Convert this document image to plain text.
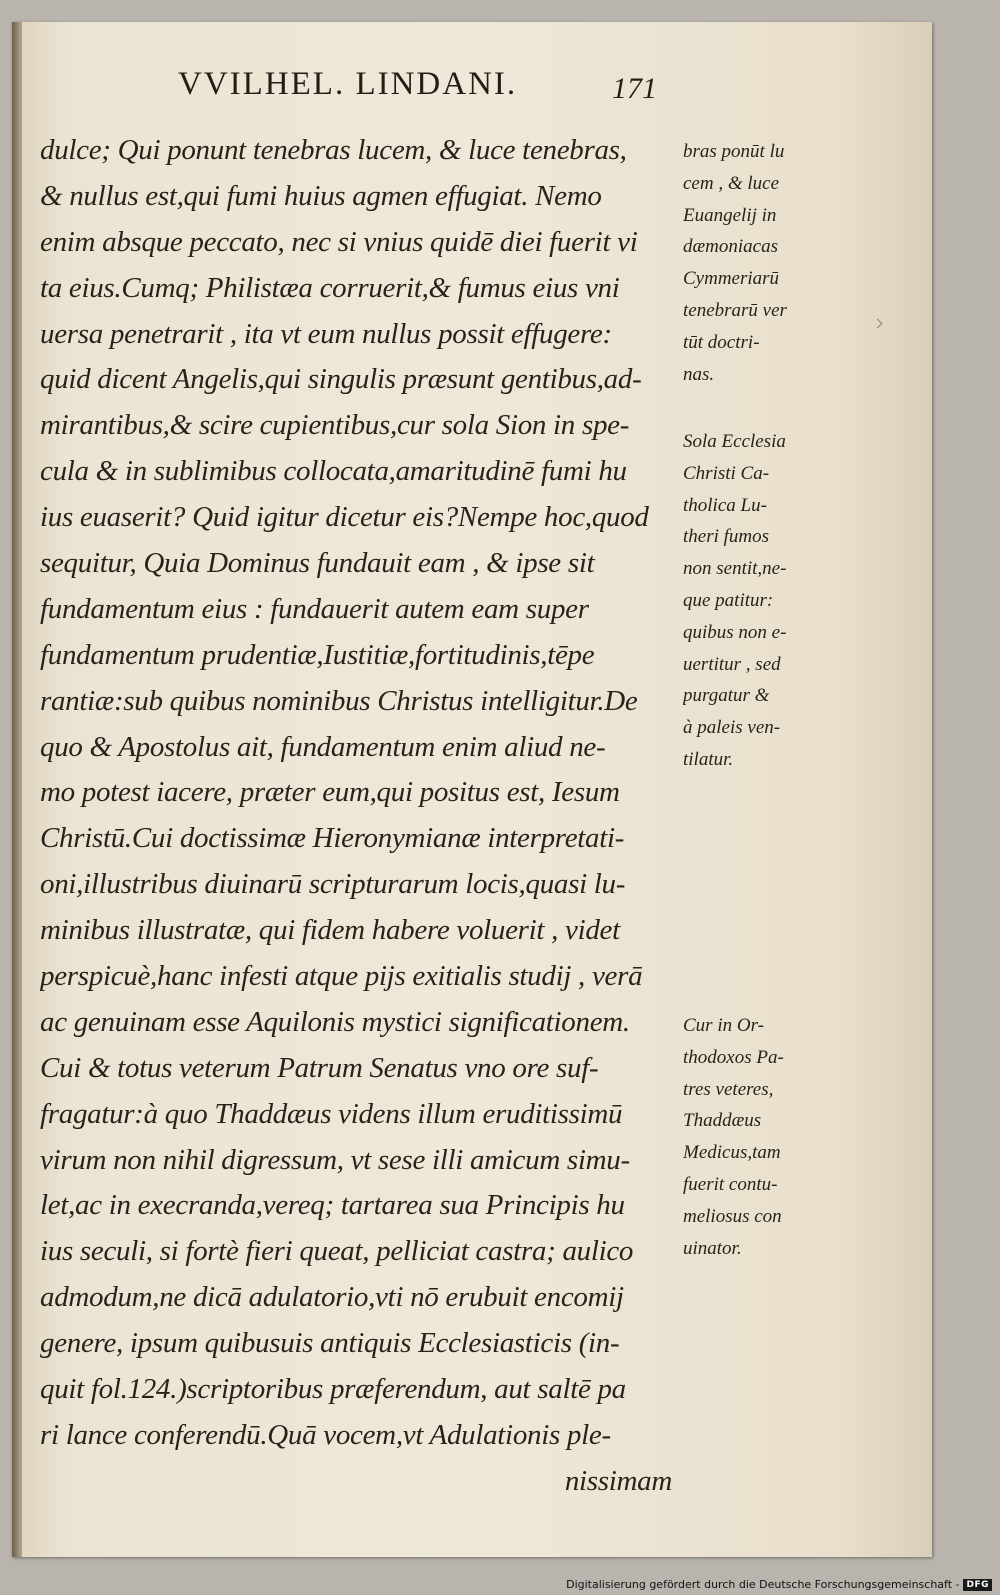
VVILHEL. LINDANI.	171
dulce; Qui ponunt tenebras lucem, & luce tenebras,
& nullus est,qui fumi huius agmen effugiat. Nemo
enim absque peccato, nec si vnius quidē diei fuerit vi
ta eius.Cumq; Philistæa corruerit,& fumus eius vni
uersa penetrarit , ita vt eum nullus possit effugere:
quid dicent Angelis,qui singulis præsunt gentibus,ad-
mirantibus,& scire cupientibus,cur sola Sion in spe-
cula & in sublimibus collocata,amaritudinē fumi hu
ius euaserit? Quid igitur dicetur eis?Nempe hoc,quod
sequitur, Quia Dominus fundauit eam , & ipse sit
fundamentum eius : fundauerit autem eam super
fundamentum prudentiæ,Iustitiæ,fortitudinis,tēpe
rantiæ:sub quibus nominibus Christus intelligitur.De
quo & Apostolus ait, fundamentum enim aliud ne-
mo potest iacere, præter eum,qui positus est, Iesum
Christū.Cui doctissimæ Hieronymianæ interpretati-
oni,illustribus diuinarū scripturarum locis,quasi lu-
minibus illustratæ, qui fidem habere voluerit , videt
perspicuè,hanc infesti atque pijs exitialis studij , verā
ac genuinam esse Aquilonis mystici significationem.
Cui & totus veterum Patrum Senatus vno ore suf-
fragatur:à quo Thaddæus videns illum eruditissimū
virum non nihil digressum, vt sese illi amicum simu-
let,ac in execranda,vereq; tartarea sua Principis hu
ius seculi, si fortè fieri queat, pelliciat castra; aulico
admodum,ne dicā adulatorio,vti nō erubuit encomij
genere, ipsum quibusuis antiquis Ecclesiasticis (in-
quit fol.124.)scriptoribus præferendum, aut saltē pa
ri lance conferendū.Quā vocem,vt Adulationis ple-
nissimam
bras ponūt lu
cem , & luce
Euangelij in
dæmoniacas
Cymmeriarū
tenebrarū ver
tūt doctri-
nas.
Sola Ecclesia
Christi Ca-
tholica Lu-
theri fumos
non sentit,ne-
que patitur:
quibus non e-
uertitur , sed
purgatur &
à paleis ven-
tilatur.
Cur in Or-
thodoxos Pa-
tres veteres,
Thaddæus
Medicus,tam
fuerit contu-
meliosus con
uinator.
Digitalisierung gefördert durch die Deutsche Forschungsgemeinschaft - DFG
